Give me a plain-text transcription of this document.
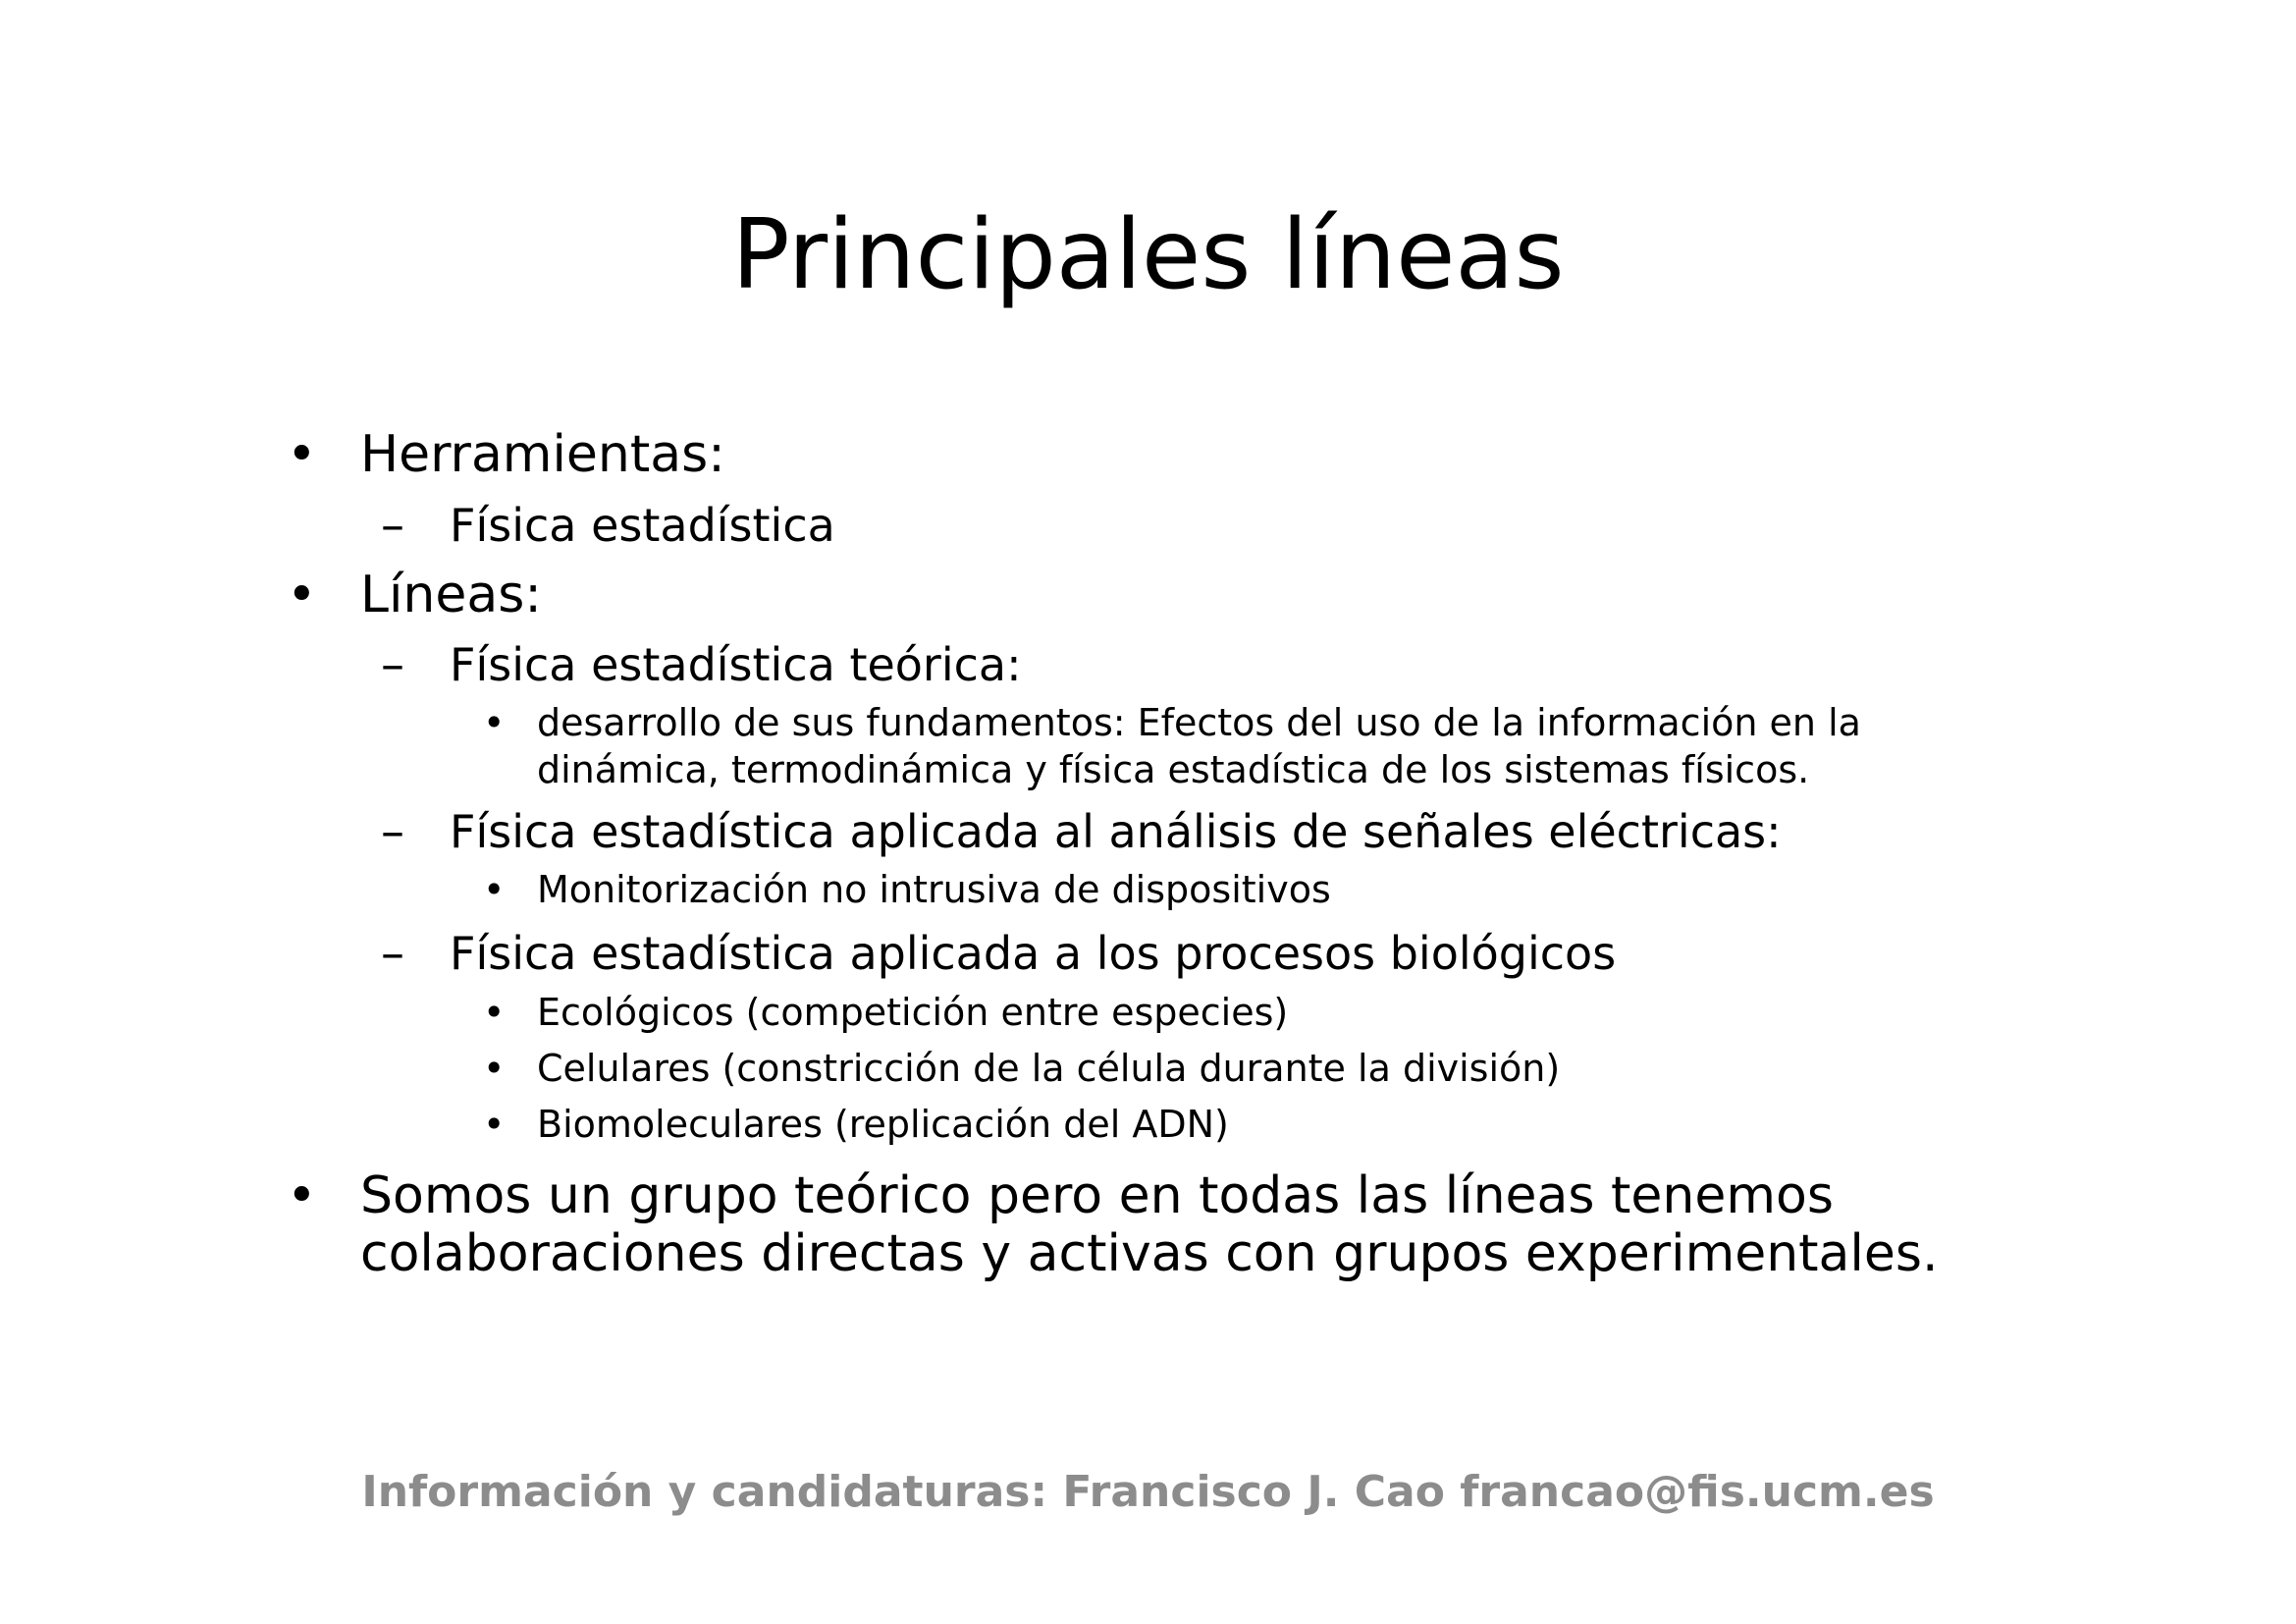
Principales líneas
• Herramientas:
– Física estadística
• Líneas:
– Física estadística teórica:
• desarrollo de sus fundamentos: Efectos del uso de la información en la
dinámica, termodinámica y física estadística de los sistemas físicos.
– Física estadística aplicada al análisis de señales eléctricas:
• Monitorización no intrusiva de dispositivos
– Física estadística aplicada a los procesos biológicos
• Ecológicos (competición entre especies)
• Celulares (constricción de la célula durante la división)
• Biomoleculares (replicación del ADN)
• Somos un grupo teórico pero en todas las líneas tenemos
colaboraciones directas y activas con grupos experimentales.
Información y candidaturas: Francisco J. Cao francao@fis.ucm.es
